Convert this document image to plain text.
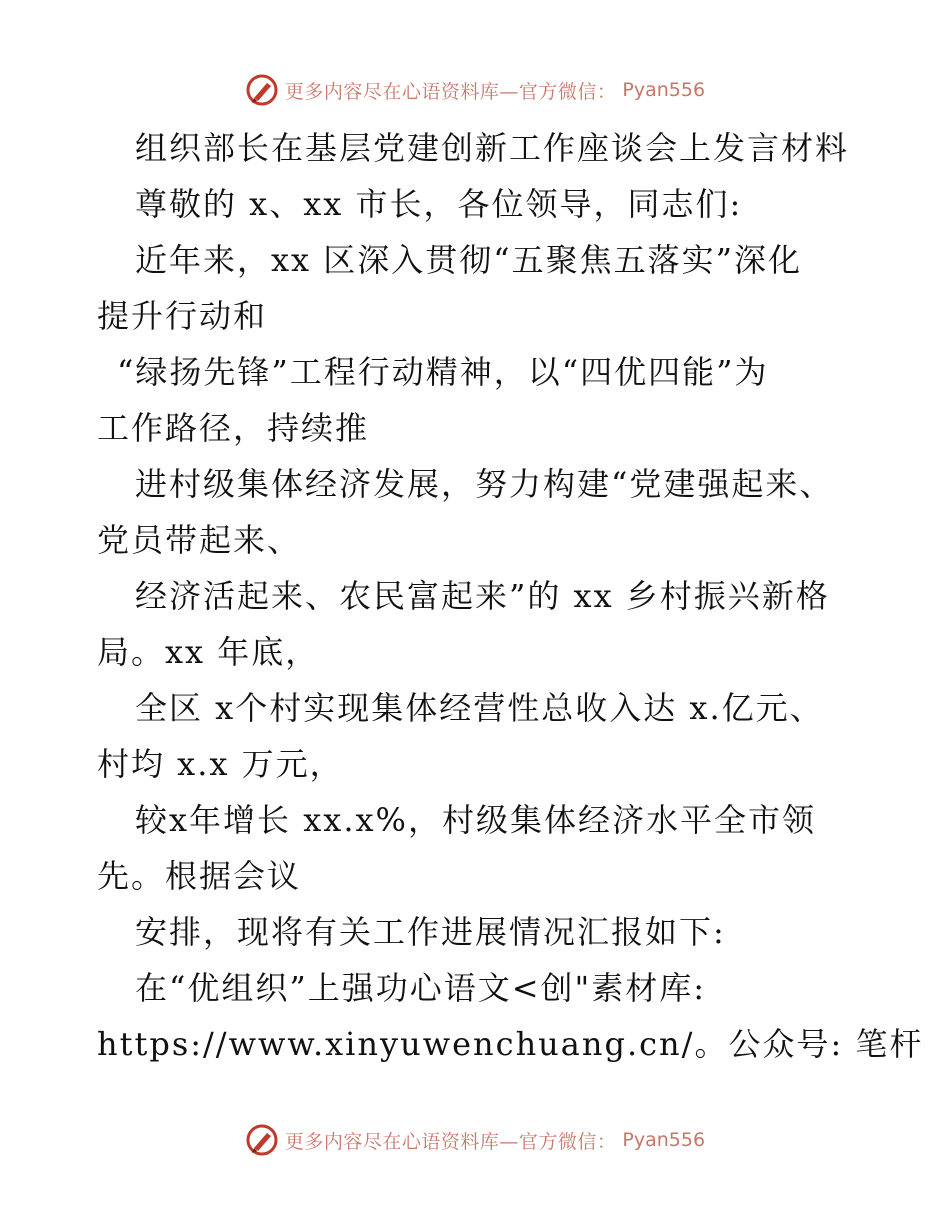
更多内容尽在心语资料库—官方微信： Pyan556
组织部长在基层党建创新工作座谈会上发言材料
尊敬的 x、xx 市长，各位领导，同志们:
近年来，xx 区深入贯彻“五聚焦五落实”深化
提升行动和
“绿扬先锋”工程行动精神，以“四优四能”为
工作路径，持续推
进村级集体经济发展，努力构建“党建强起来、
党员带起来、
经济活起来、农民富起来”的 xx 乡村振兴新格
局。xx 年底，
全区 x个村实现集体经营性总收入达 x.亿元、
村均 x.x 万元，
较x年增长 xx.x%，村级集体经济水平全市领
先。根据会议
安排，现将有关工作进展情况汇报如下:
在“优组织”上强功心语文<创"素材库:
https://www.xinyuwenchuang.cn/。公众号: 笔杆
更多内容尽在心语资料库—官方微信： Pyan556
